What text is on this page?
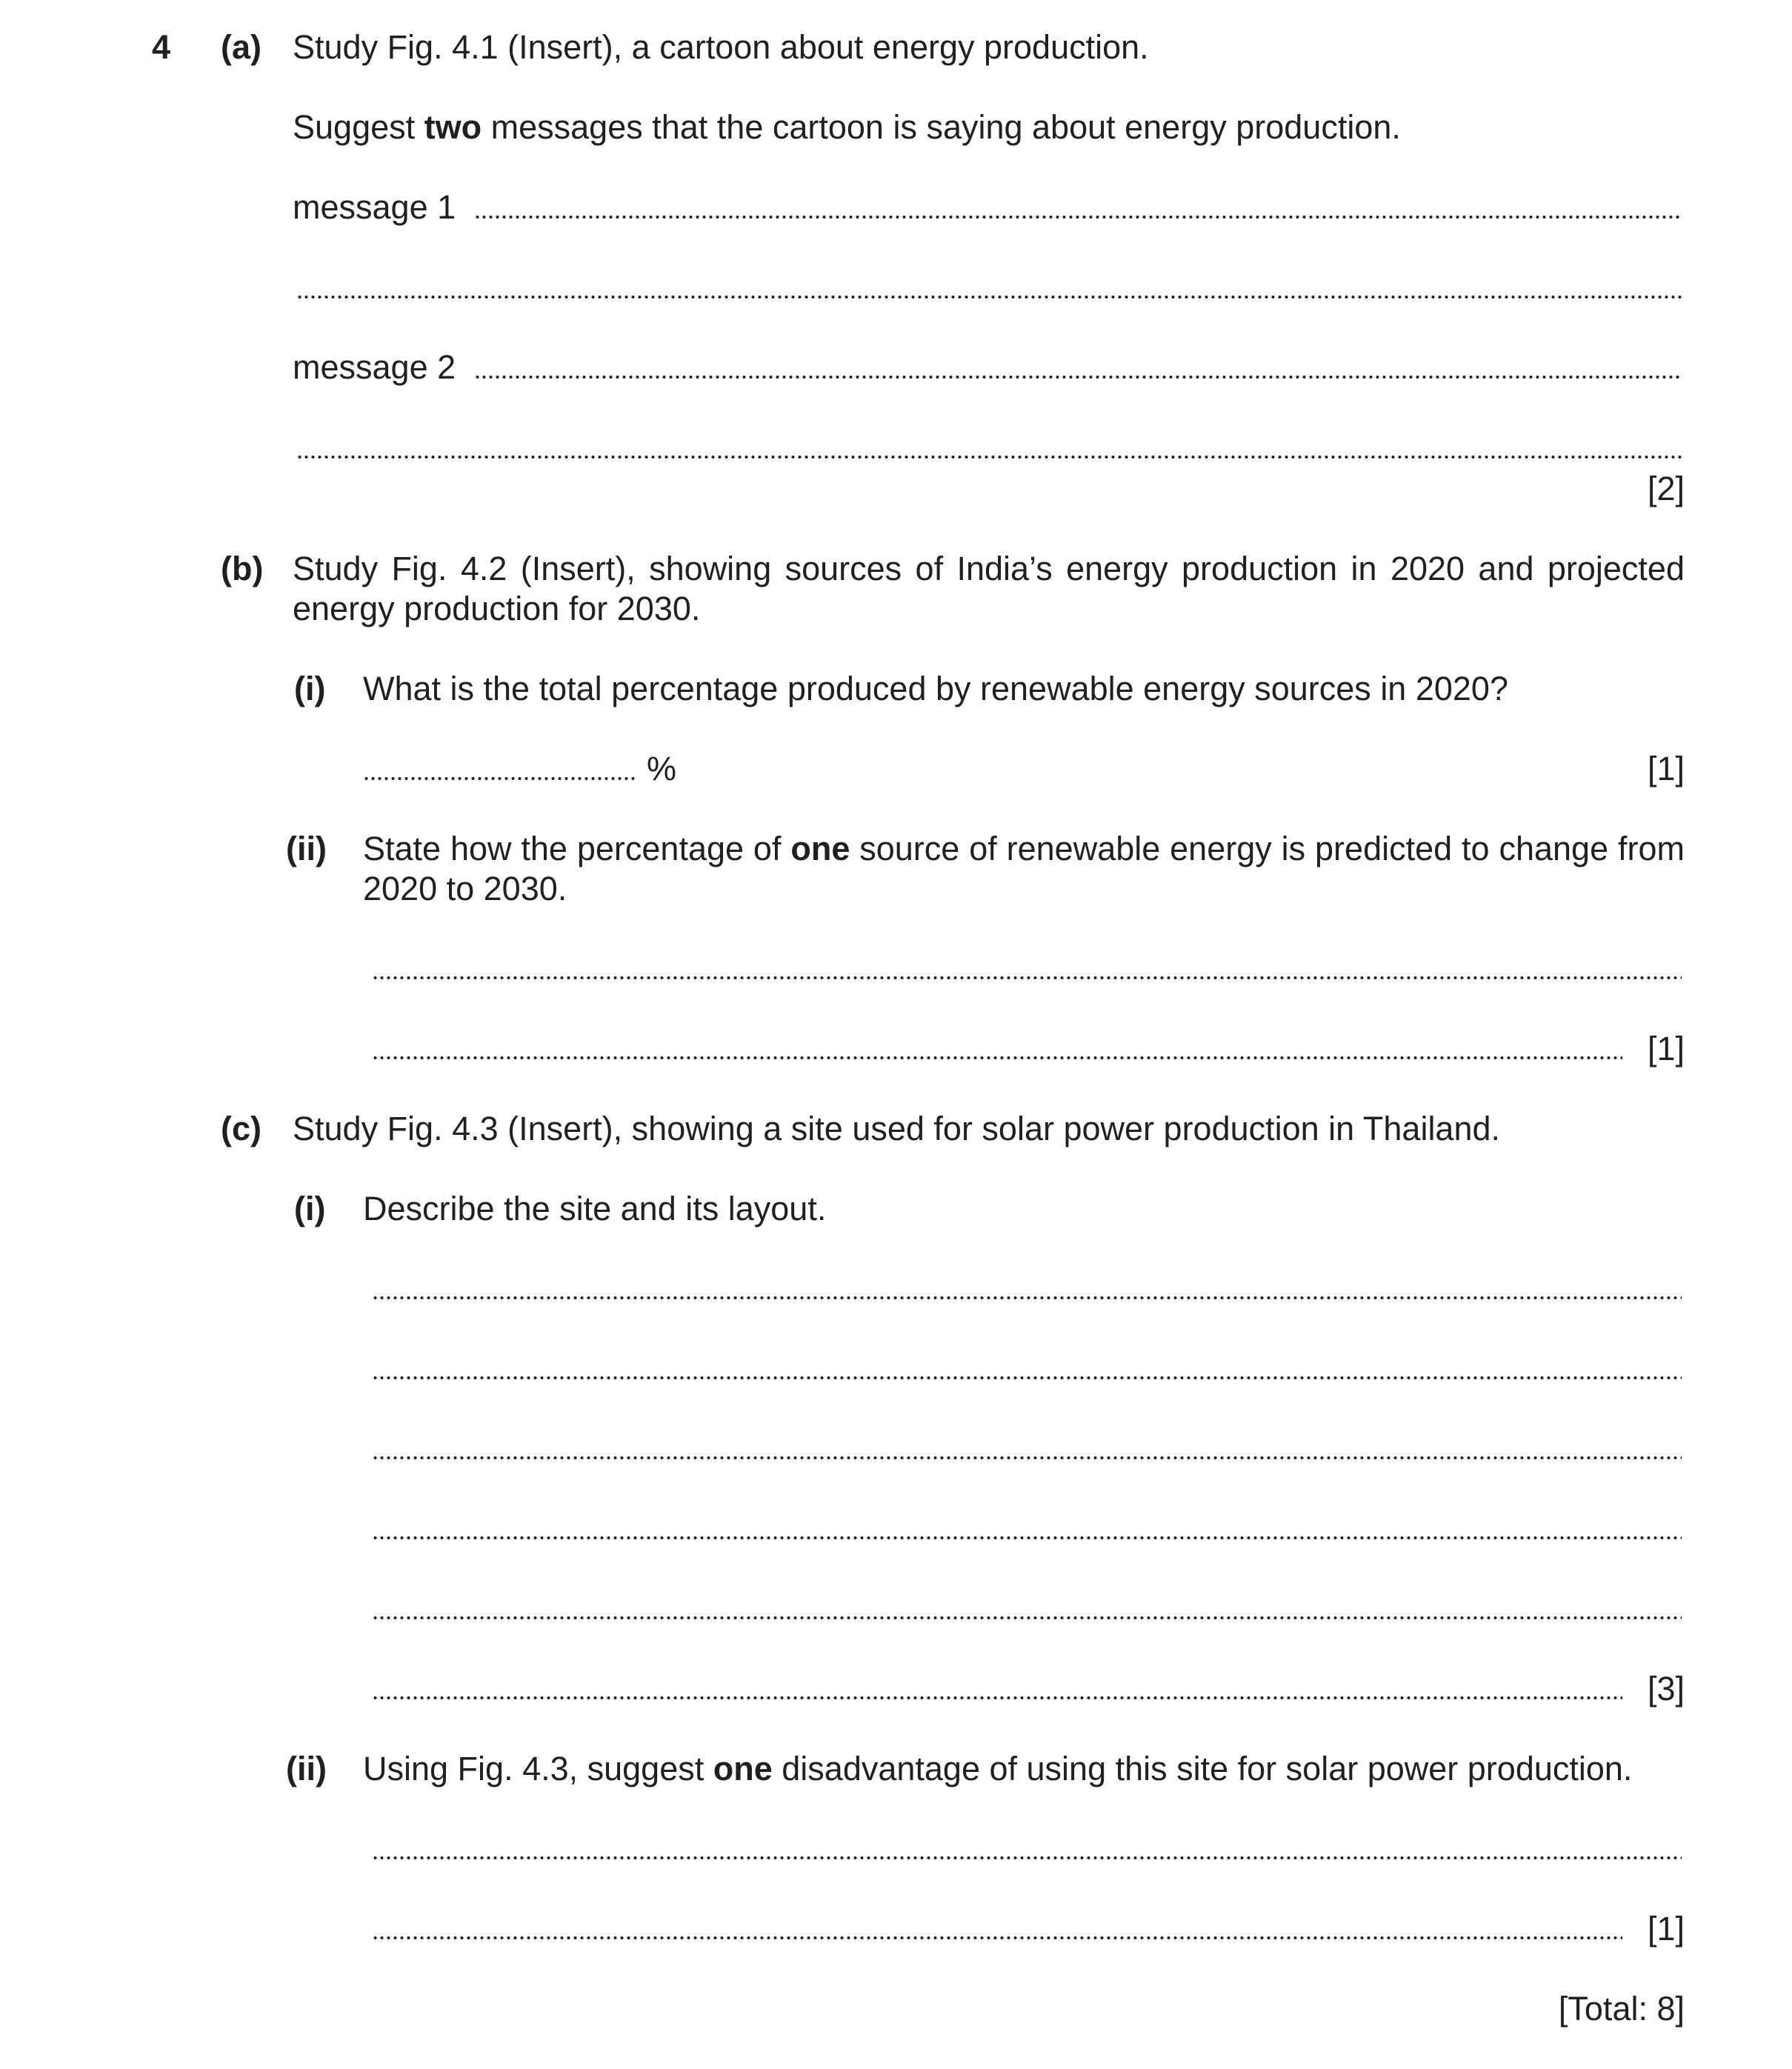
4 (a) Study Fig. 4.1 (Insert), a cartoon about energy production.
Suggest two messages that the cartoon is saying about energy production.
message 1
message 2
[2]
(b) Study Fig. 4.2 (Insert), showing sources of India’s energy production in 2020 and projected energy production for 2030.
(i) What is the total percentage produced by renewable energy sources in 2020?
%	[1]
(ii) State how the percentage of one source of renewable energy is predicted to change from 2020 to 2030.
[1]
(c) Study Fig. 4.3 (Insert), showing a site used for solar power production in Thailand.
(i) Describe the site and its layout.
[3]
(ii) Using Fig. 4.3, suggest one disadvantage of using this site for solar power production.
[1]
[Total: 8]
